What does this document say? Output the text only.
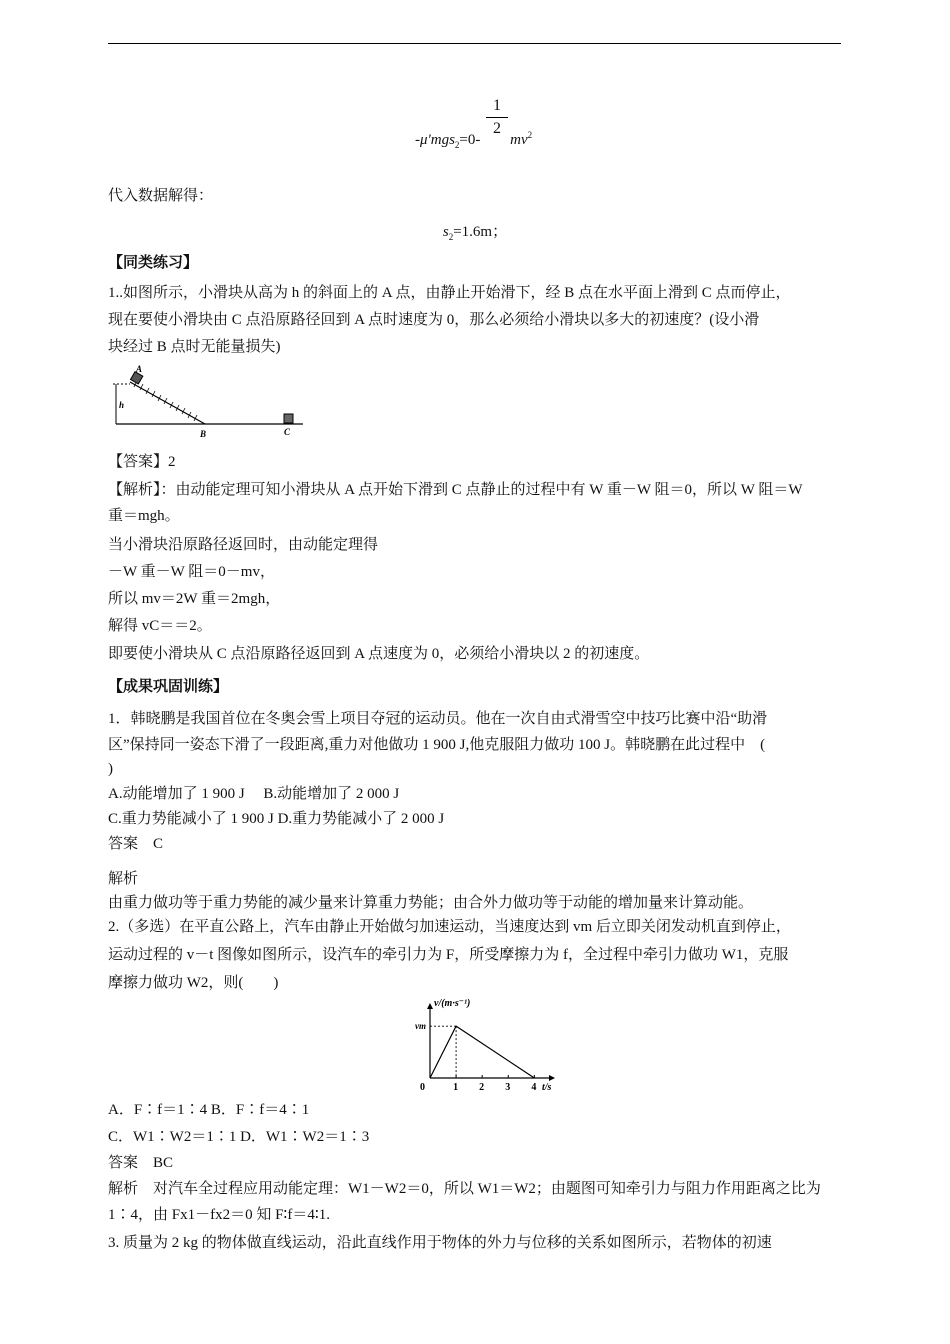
1
2
-μ'mgs$_2$=0- $mv^2$
代入数据解得：
$s_2=1.6m$；
【同类练习】
1..如图所示，小滑块从高为 h 的斜面上的 A 点，由静止开始滑下，经 B 点在水平面上滑到 C 点而停止，
现在要使小滑块由 C 点沿原路径回到 A 点时速度为 0，那么必须给小滑块以多大的初速度？(设小滑
块经过 B 点时无能量损失)
A
h
B	C
【答案】2
【解析】：由动能定理可知小滑块从 A 点开始下滑到 C 点静止的过程中有 W 重－W 阻＝0，所以 W 阻＝W
重＝mgh。
当小滑块沿原路径返回时，由动能定理得
－W 重－W 阻＝0－mv，
所以 mv＝2W 重＝2mgh，
解得 vC＝＝2。
即要使小滑块从 C 点沿原路径返回到 A 点速度为 0，必须给小滑块以 2 的初速度。
【成果巩固训练】
1．韩晓鹏是我国首位在冬奥会雪上项目夺冠的运动员。他在一次自由式滑雪空中技巧比赛中沿“助滑
区”保持同一姿态下滑了一段距离,重力对他做功 1 900 J,他克服阻力做功 100 J。韩晓鹏在此过程中　(
)
A.动能增加了 1 900 J　 B.动能增加了 2 000 J
C.重力势能减小了 1 900 J D.重力势能减小了 2 000 J
答案　C
解析
由重力做功等于重力势能的减少量来计算重力势能；由合外力做功等于动能的增加量来计算动能。
2.（多选）在平直公路上，汽车由静止开始做匀加速运动，当速度达到 vm 后立即关闭发动机直到停止，
运动过程的 v－t 图像如图所示，设汽车的牵引力为 F，所受摩擦力为 f，全过程中牵引力做功 W1，克服
摩擦力做功 W2，则(　　)
v/(m·s⁻¹)
vm
t/s
0	1 2 3 4
A．F∶f＝1∶4 B．F∶f＝4∶1
C．W1∶W2＝1∶1 D．W1∶W2＝1∶3
答案　BC
解析　对汽车全过程应用动能定理：W1－W2＝0，所以 W1＝W2；由题图可知牵引力与阻力作用距离之比为
1∶4，由 Fx1－fx2＝0 知 F∶f＝4∶1.
3. 质量为 2 kg 的物体做直线运动，沿此直线作用于物体的外力与位移的关系如图所示，若物体的初速
